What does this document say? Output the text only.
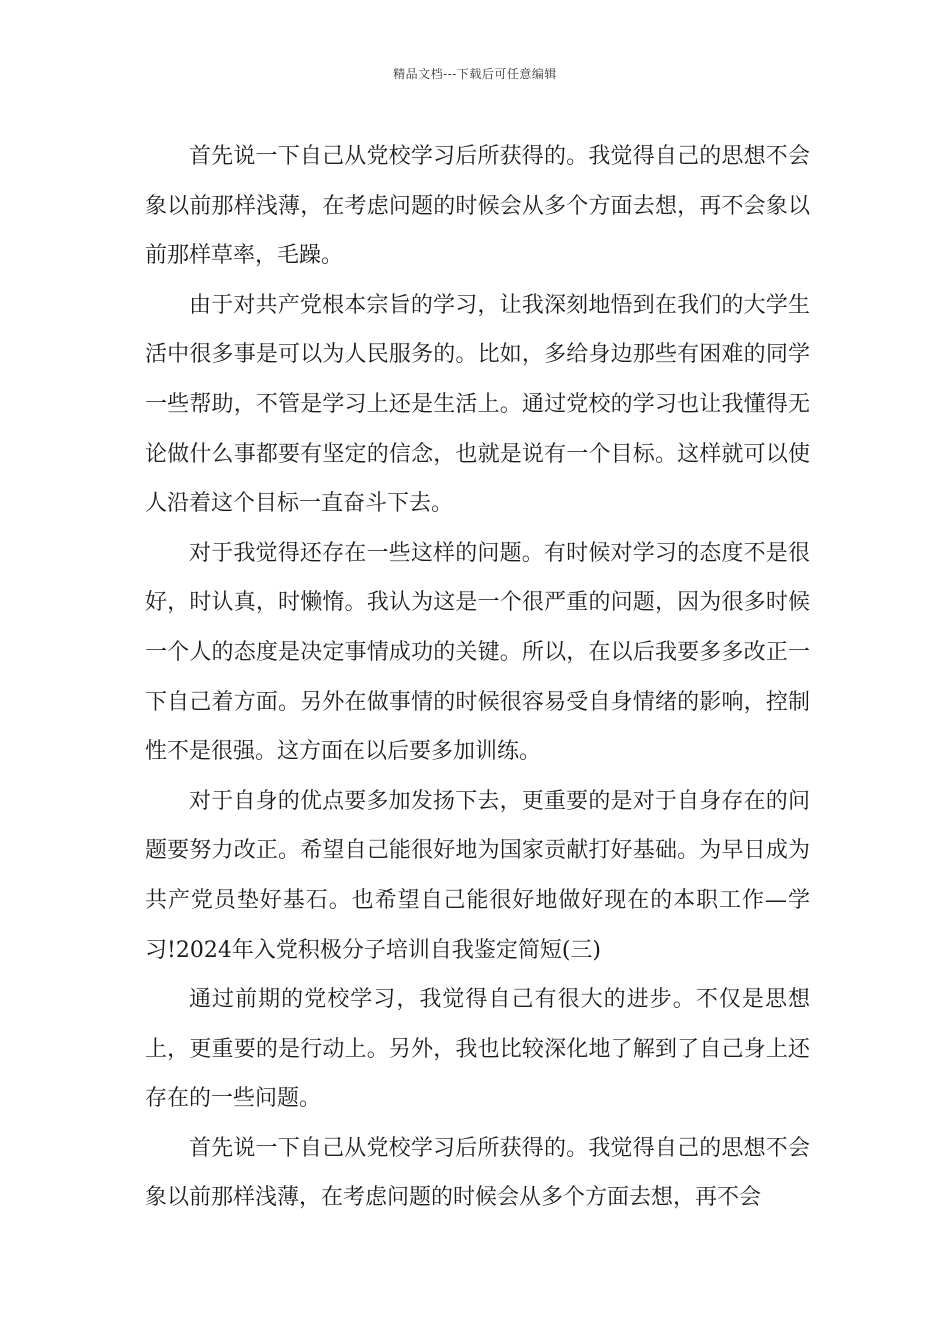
精品文档---下载后可任意编辑

首先说一下自己从党校学习后所获得的。我觉得自己的思想不会象以前那样浅薄，在考虑问题的时候会从多个方面去想，再不会象以前那样草率，毛躁。

由于对共产党根本宗旨的学习，让我深刻地悟到在我们的大学生活中很多事是可以为人民服务的。比如，多给身边那些有困难的同学一些帮助，不管是学习上还是生活上。通过党校的学习也让我懂得无论做什么事都要有坚定的信念，也就是说有一个目标。这样就可以使人沿着这个目标一直奋斗下去。

对于我觉得还存在一些这样的问题。有时候对学习的态度不是很好，时认真，时懒惰。我认为这是一个很严重的问题，因为很多时候一个人的态度是决定事情成功的关键。所以，在以后我要多多改正一下自己着方面。另外在做事情的时候很容易受自身情绪的影响，控制性不是很强。这方面在以后要多加训练。

对于自身的优点要多加发扬下去，更重要的是对于自身存在的问题要努力改正。希望自己能很好地为国家贡献打好基础。为早日成为共产党员垫好基石。也希望自己能很好地做好现在的本职工作—学习!2024年入党积极分子培训自我鉴定简短(三)

通过前期的党校学习，我觉得自己有很大的进步。不仅是思想上，更重要的是行动上。另外，我也比较深化地了解到了自己身上还存在的一些问题。

首先说一下自己从党校学习后所获得的。我觉得自己的思想不会象以前那样浅薄，在考虑问题的时候会从多个方面去想，再不会
